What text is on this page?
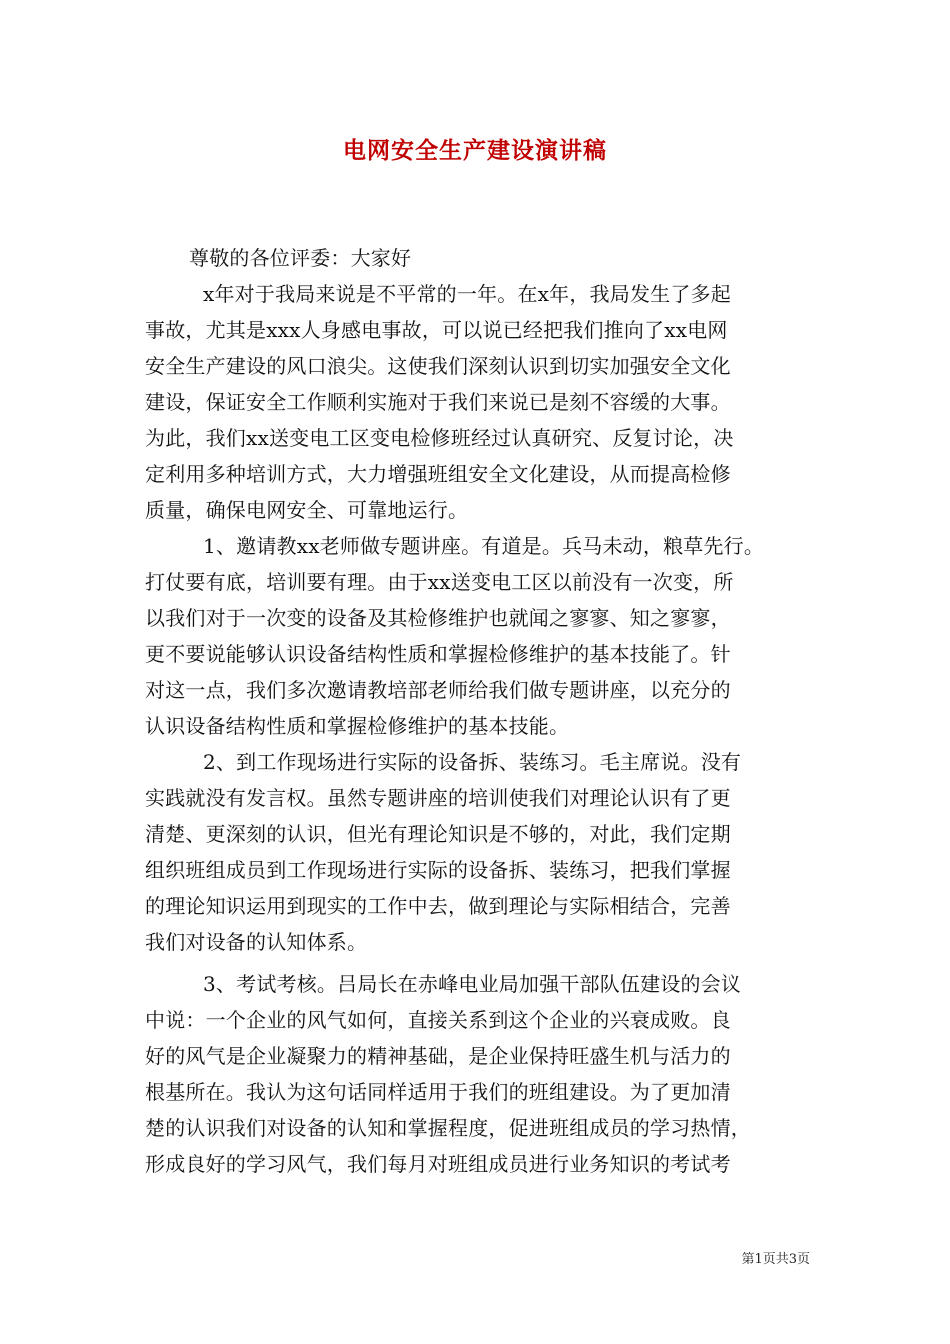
电网安全生产建设演讲稿
尊敬的各位评委：大家好
x年对于我局来说是不平常的一年。在x年，我局发生了多起
事故，尤其是xxx人身感电事故，可以说已经把我们推向了xx电网
安全生产建设的风口浪尖。这使我们深刻认识到切实加强安全文化
建设，保证安全工作顺利实施对于我们来说已是刻不容缓的大事。
为此，我们xx送变电工区变电检修班经过认真研究、反复讨论，决
定利用多种培训方式，大力增强班组安全文化建设，从而提高检修
质量，确保电网安全、可靠地运行。
1、邀请教xx老师做专题讲座。有道是。兵马未动，粮草先行。
打仗要有底，培训要有理。由于xx送变电工区以前没有一次变，所
以我们对于一次变的设备及其检修维护也就闻之寥寥、知之寥寥，
更不要说能够认识设备结构性质和掌握检修维护的基本技能了。针
对这一点，我们多次邀请教培部老师给我们做专题讲座，以充分的
认识设备结构性质和掌握检修维护的基本技能。
2、到工作现场进行实际的设备拆、装练习。毛主席说。没有
实践就没有发言权。虽然专题讲座的培训使我们对理论认识有了更
清楚、更深刻的认识，但光有理论知识是不够的，对此，我们定期
组织班组成员到工作现场进行实际的设备拆、装练习，把我们掌握
的理论知识运用到现实的工作中去，做到理论与实际相结合，完善
我们对设备的认知体系。
3、考试考核。吕局长在赤峰电业局加强干部队伍建设的会议
中说：一个企业的风气如何，直接关系到这个企业的兴衰成败。良
好的风气是企业凝聚力的精神基础，是企业保持旺盛生机与活力的
根基所在。我认为这句话同样适用于我们的班组建设。为了更加清
楚的认识我们对设备的认知和掌握程度，促进班组成员的学习热情，
形成良好的学习风气，我们每月对班组成员进行业务知识的考试考
第1页共3页
